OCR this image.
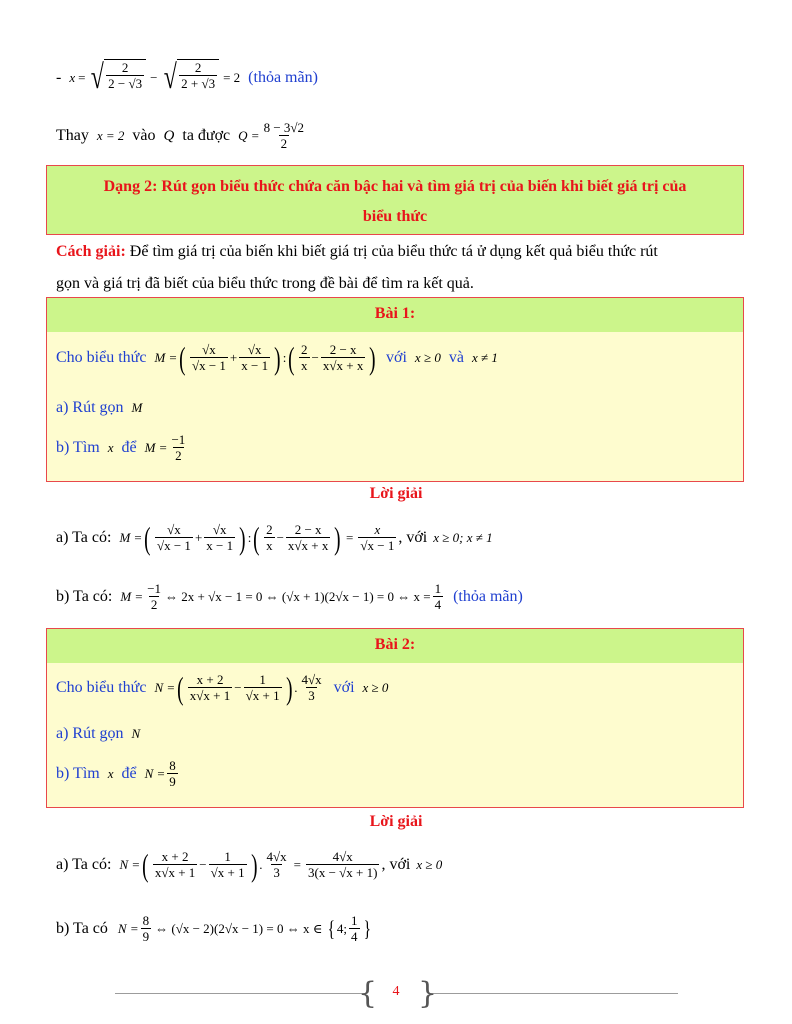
- x = √ $\frac{2}{2 - √3}$ − √ $\frac{2}{2 + √3} = 2$ (thỏa mãn)
Thay x = 2 vào Q ta được $Q = \frac{8 - 3√2}{2}$
Dạng 2: Rút gọn biểu thức chứa căn bậc hai và tìm giá trị của biến khi biết giá trị của
biểu thức
Cách giải: Để tìm giá trị của biến khi biết giá trị của biểu thức tá ử dụng kết quả biểu thức rút
gọn và giá trị đã biết của biểu thức trong đề bài để tìm ra kết quả.
Bài 1:
Cho biểu thức M = ( $\frac{√x}{√x - 1} + \frac{√x}{x - 1}$ ) : ( $\frac{2}{x} - \frac{2 - x}{x√x + x}$ ) với x ≥ 0 và x ≠ 1
a) Rút gọn M
b) Tìm x để $M = \frac{-1}{2}$
Lời giải
a) Ta có: M = ( $\frac{√x}{√x - 1} + \frac{√x}{x - 1}$ ) : ( $\frac{2}{x} - \frac{2 - x}{x√x + x}$ ) = $\frac{x}{√x - 1}$ , với x ≥ 0; x ≠ 1
b) Ta có: $M = \frac{-1}{2}$ ⇔ 2x + √x − 1 = 0 ⇔ (√x + 1)(2√x − 1) = 0 ⇔ $x = \frac{1}{4}$ (thỏa mãn)
Bài 2:
Cho biểu thức N = ( $\frac{x + 2}{x√x + 1} - \frac{1}{√x + 1}$ ) . $\frac{4√x}{3}$ với x ≥ 0
a) Rút gọn N
b) Tìm x để $N = \frac{8}{9}$
Lời giải
a) Ta có: N = ( $\frac{x + 2}{x√x + 1} - \frac{1}{√x + 1}$ ) . $\frac{4√x}{3} = \frac{4√x}{3(x - √x + 1)}$ , với x ≥ 0
b) Ta có $N = \frac{8}{9}$ ⇔ (√x − 2)(2√x − 1) = 0 ⇔ x ∈ { 4; $\frac{1}{4}$ }
{ }
4
